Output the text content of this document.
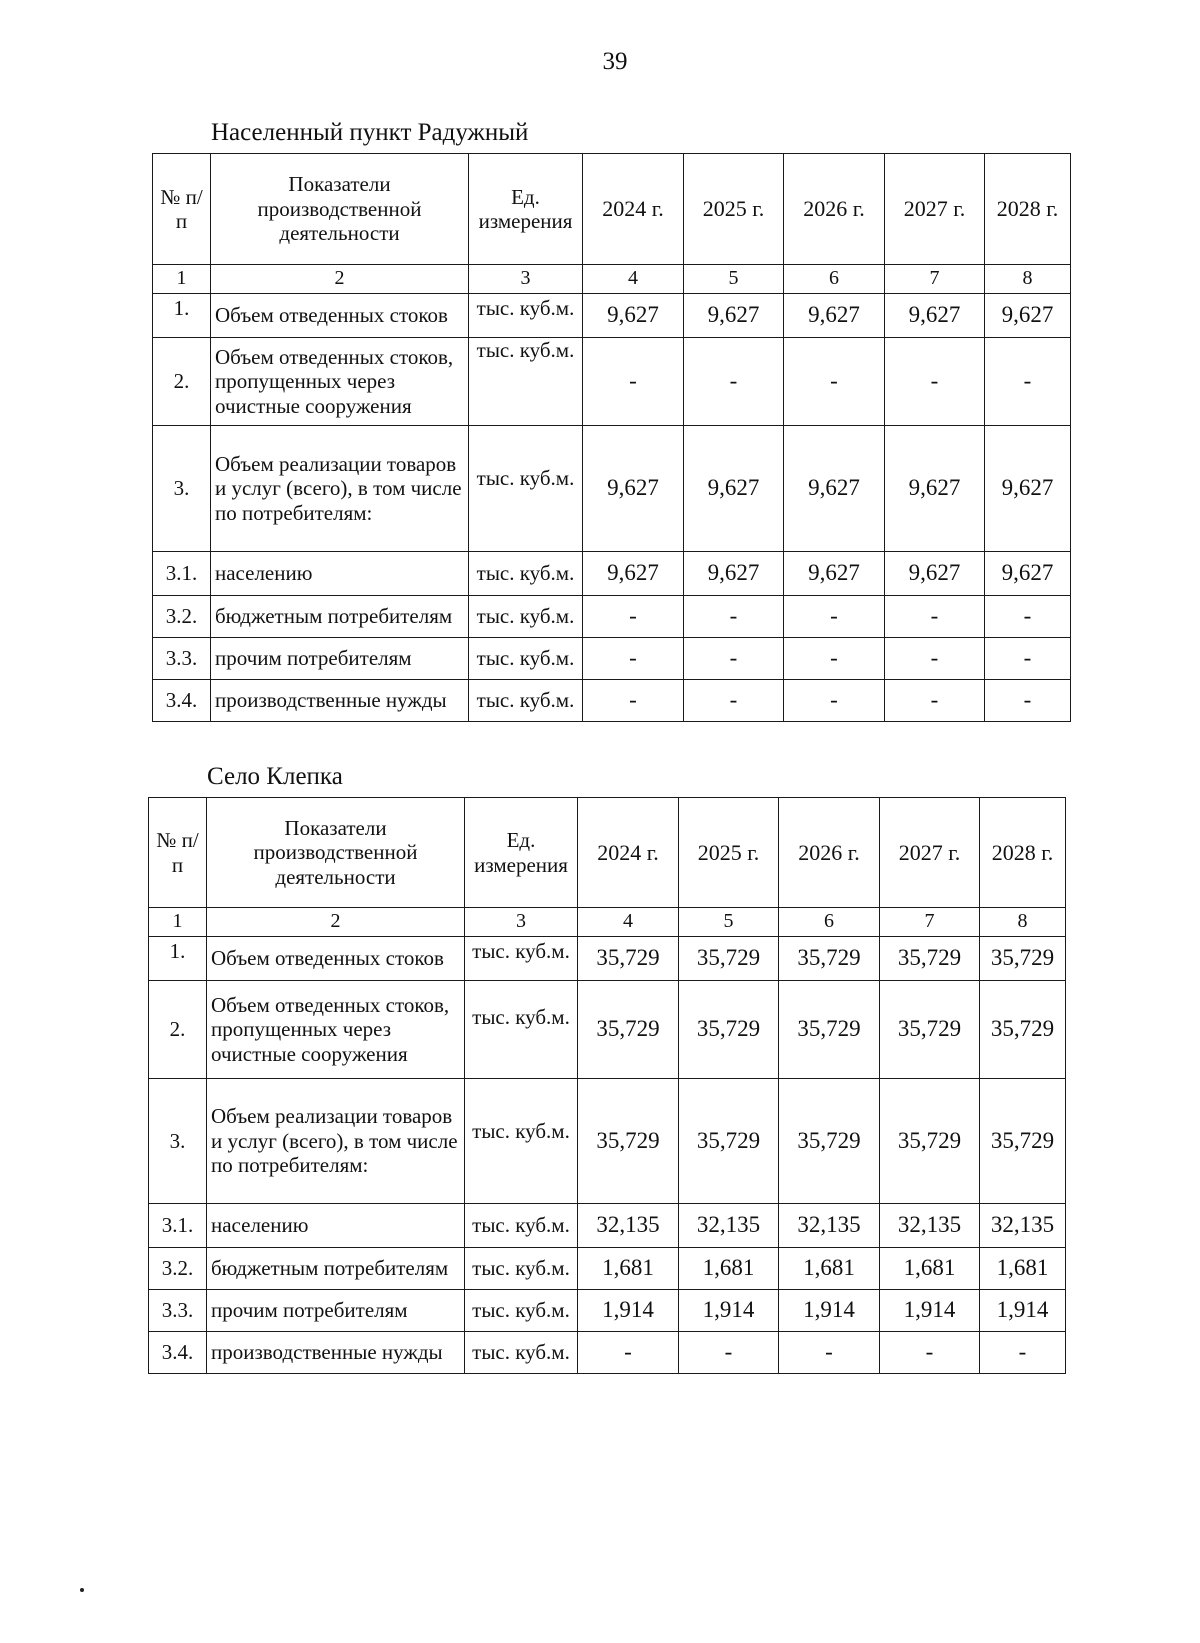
39
Населенный пункт Радужный
№ п/п	Показатели производственной деятельности	Ед. измерения	2024 г.	2025 г.	2026 г.	2027 г.	2028 г.
1	2	3	4	5	6	7	8
1.	Объем отведенных стоков	тыс. куб.м.	9,627	9,627	9,627	9,627	9,627
2.	Объем отведенных стоков, пропущенных через очистные сооружения	тыс. куб.м.	-	-	-	-	-
3.	Объем реализации товаров и услуг (всего), в том числе по потребителям:	тыс. куб.м.	9,627	9,627	9,627	9,627	9,627
3.1.	населению	тыс. куб.м.	9,627	9,627	9,627	9,627	9,627
3.2.	бюджетным потребителям	тыс. куб.м.	-	-	-	-	-
3.3.	прочим потребителям	тыс. куб.м.	-	-	-	-	-
3.4.	производственные нужды	тыс. куб.м.	-	-	-	-	-
Село Клепка
№ п/п	Показатели производственной деятельности	Ед. измерения	2024 г.	2025 г.	2026 г.	2027 г.	2028 г.
1	2	3	4	5	6	7	8
1.	Объем отведенных стоков	тыс. куб.м.	35,729	35,729	35,729	35,729	35,729
2.	Объем отведенных стоков, пропущенных через очистные сооружения	тыс. куб.м.	35,729	35,729	35,729	35,729	35,729
3.	Объем реализации товаров и услуг (всего), в том числе по потребителям:	тыс. куб.м.	35,729	35,729	35,729	35,729	35,729
3.1.	населению	тыс. куб.м.	32,135	32,135	32,135	32,135	32,135
3.2.	бюджетным потребителям	тыс. куб.м.	1,681	1,681	1,681	1,681	1,681
3.3.	прочим потребителям	тыс. куб.м.	1,914	1,914	1,914	1,914	1,914
3.4.	производственные нужды	тыс. куб.м.	-	-	-	-	-
